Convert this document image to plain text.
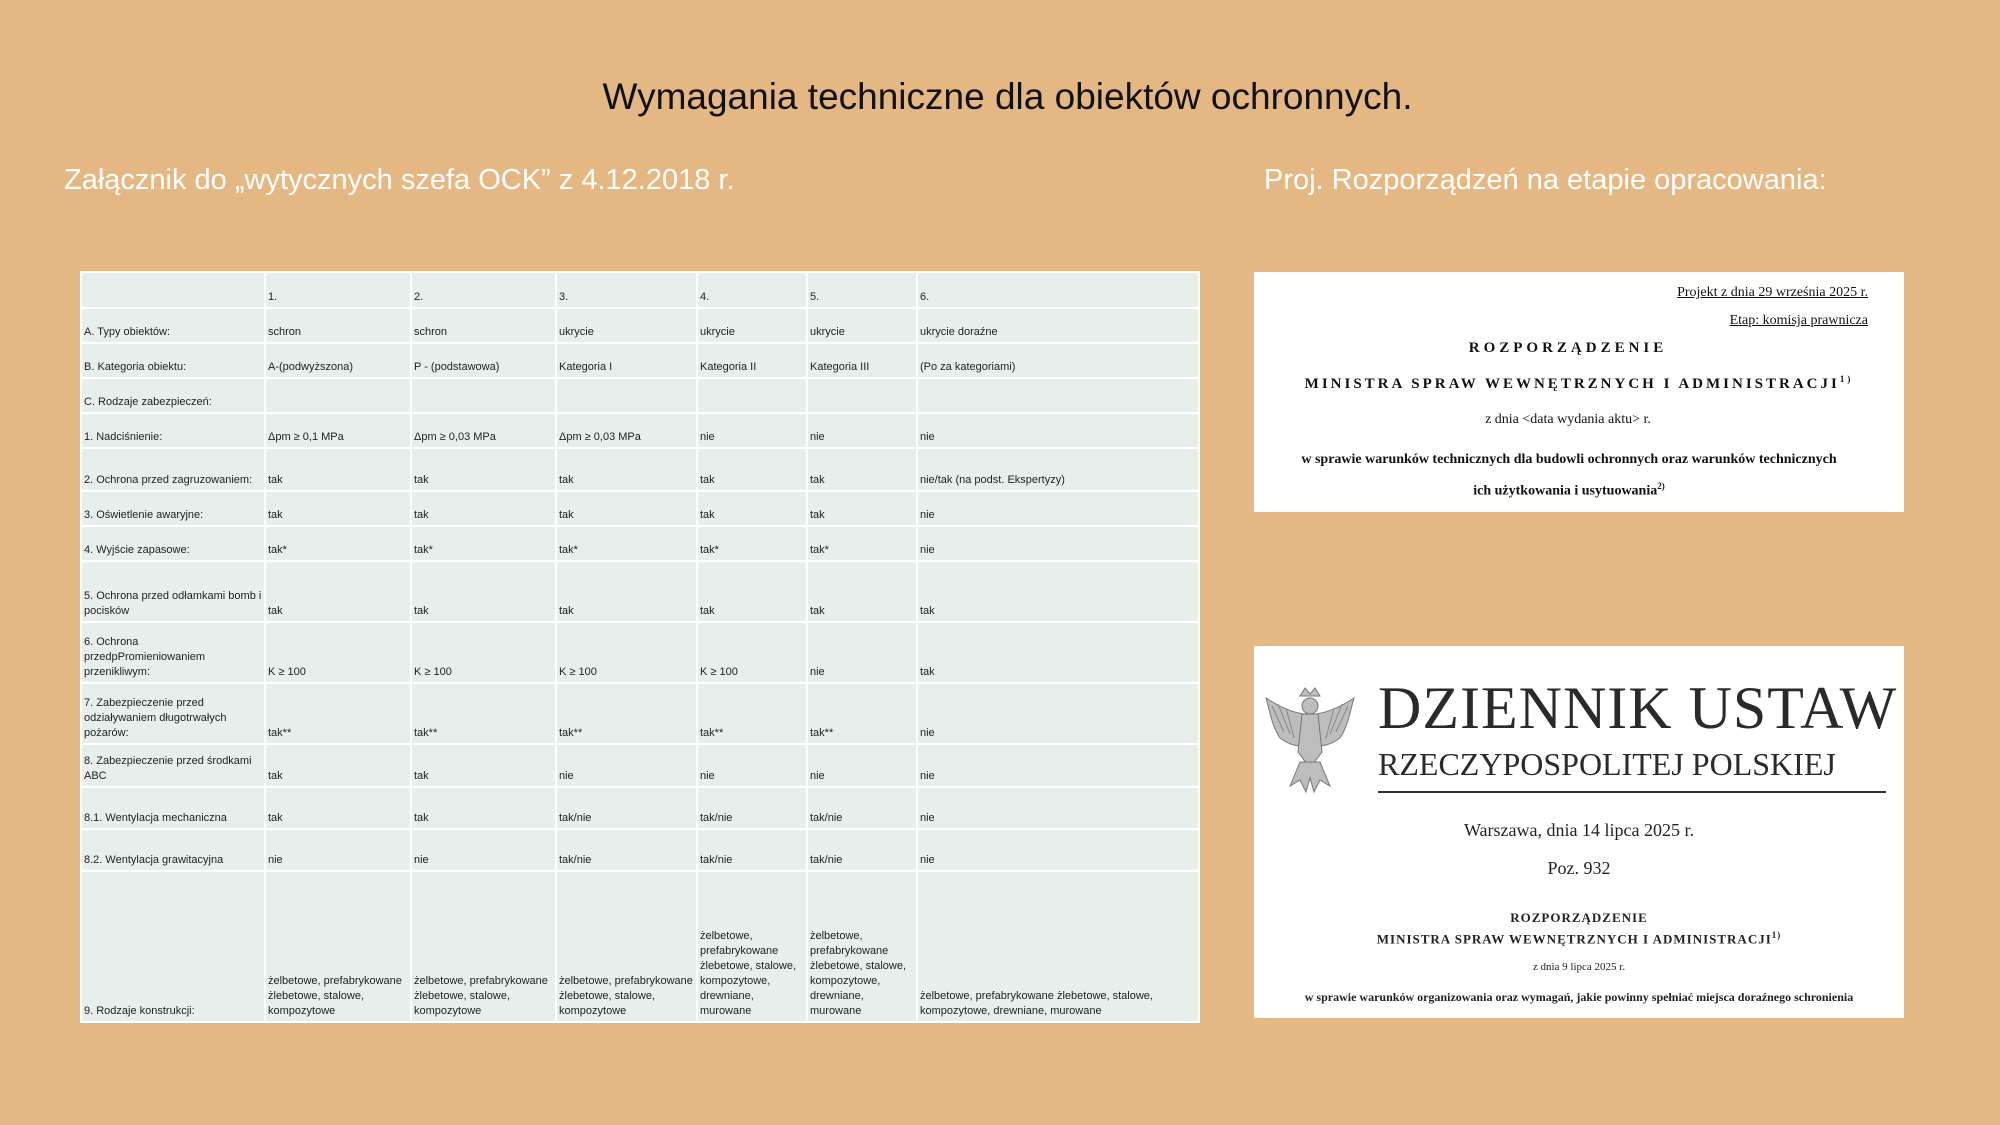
Wymagania techniczne dla obiektów ochronnych.
Załącznik do „wytycznych szefa OCK” z 4.12.2018 r.	Proj. Rozporządzeń na etapie opracowania:
	1.	2.	3.	4.	5.	6.
A. Typy obiektów:	schron	schron	ukrycie	ukrycie	ukrycie	ukrycie doraźne
B. Kategoria obiektu:	A-(podwyższona)	P - (podstawowa)	Kategoria I	Kategoria II	Kategoria III	(Po za kategoriami)
C. Rodzaje zabezpieczeń:						
1. Nadciśnienie:	Δpm ≥ 0,1 MPa	Δpm ≥ 0,03 MPa	Δpm ≥ 0,03 MPa	nie	nie	nie
2. Ochrona przed zagruzowaniem:	tak	tak	tak	tak	tak	nie/tak (na podst. Ekspertyzy)
3. Oświetlenie awaryjne:	tak	tak	tak	tak	tak	nie
4. Wyjście zapasowe:	tak*	tak*	tak*	tak*	tak*	nie
5. Ochrona przed odłamkami bomb i pocisków	tak	tak	tak	tak	tak	tak
6. Ochrona przedpPromieniowaniem przenikliwym:	K ≥ 100	K ≥ 100	K ≥ 100	K ≥ 100	nie	tak
7. Zabezpieczenie przed odziaływaniem długotrwałych pożarów:	tak**	tak**	tak**	tak**	tak**	nie
8. Zabezpieczenie przed środkami ABC	tak	tak	nie	nie	nie	nie
8.1. Wentylacja mechaniczna	tak	tak	tak/nie	tak/nie	tak/nie	nie
8.2. Wentylacja grawitacyjna	nie	nie	tak/nie	tak/nie	tak/nie	nie
9. Rodzaje konstrukcji:	żelbetowe, prefabrykowane żlebetowe, stalowe, kompozytowe	żelbetowe, prefabrykowane żlebetowe, stalowe, kompozytowe	żelbetowe, prefabrykowane żlebetowe, stalowe, kompozytowe	żelbetowe, prefabrykowane żlebetowe, stalowe, kompozytowe, drewniane, murowane	żelbetowe, prefabrykowane żlebetowe, stalowe, kompozytowe, drewniane, murowane	żelbetowe, prefabrykowane żlebetowe, stalowe, kompozytowe, drewniane, murowane
Projekt z dnia 29 września 2025 r.
Etap: komisja prawnicza
ROZPORZĄDZENIE
MINISTRA SPRAW WEWNĘTRZNYCH I ADMINISTRACJI$^{1)}$
z dnia <data wydania aktu> r.
w sprawie warunków technicznych dla budowli ochronnych oraz warunków technicznych ich użytkowania i usytuowania$^{2)}$
DZIENNIK USTAW
RZECZYPOSPOLITEJ POLSKIEJ
Warszawa, dnia 14 lipca 2025 r.
Poz. 932
ROZPORZĄDZENIE
MINISTRA SPRAW WEWNĘTRZNYCH I ADMINISTRACJI$^{1)}$
z dnia 9 lipca 2025 r.
w sprawie warunków organizowania oraz wymagań, jakie powinny spełniać miejsca doraźnego schronienia
